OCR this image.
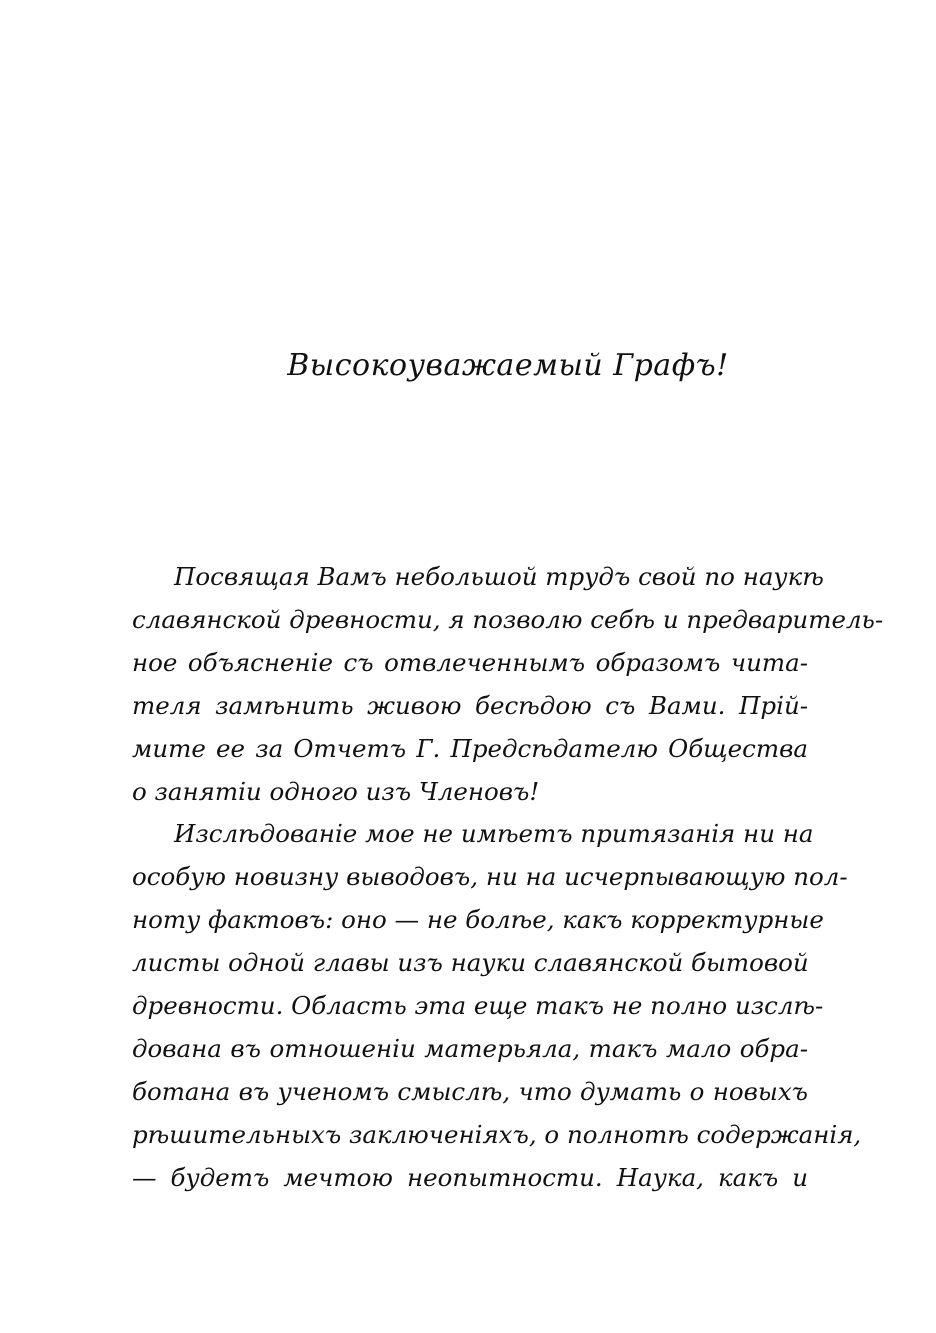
Высокоуважаемый Графъ!
Посвящая Вамъ небольшой трудъ свой по наукѣ
славянской древности, я позволю себѣ и предваритель-
ное объясненіе съ отвлеченнымъ образомъ чита-
теля замѣнить живою бесѣдою съ Вами. Прій-
мите ее за Отчетъ Г. Предсѣдателю Общества
о занятіи одного изъ Членовъ!
Изслѣдованіе мое не имѣетъ притязанія ни на
особую новизну выводовъ, ни на исчерпывающую пол-
ноту фактовъ: оно — не болѣе, какъ корректурные
листы одной главы изъ науки славянской бытовой
древности. Область эта еще такъ не полно изслѣ-
дована въ отношеніи матерьяла, такъ мало обра-
ботана въ ученомъ смыслѣ, что думать о новыхъ
рѣшительныхъ заключеніяхъ, о полнотѣ содержанія,
— будетъ мечтою неопытности. Наука, какъ и
